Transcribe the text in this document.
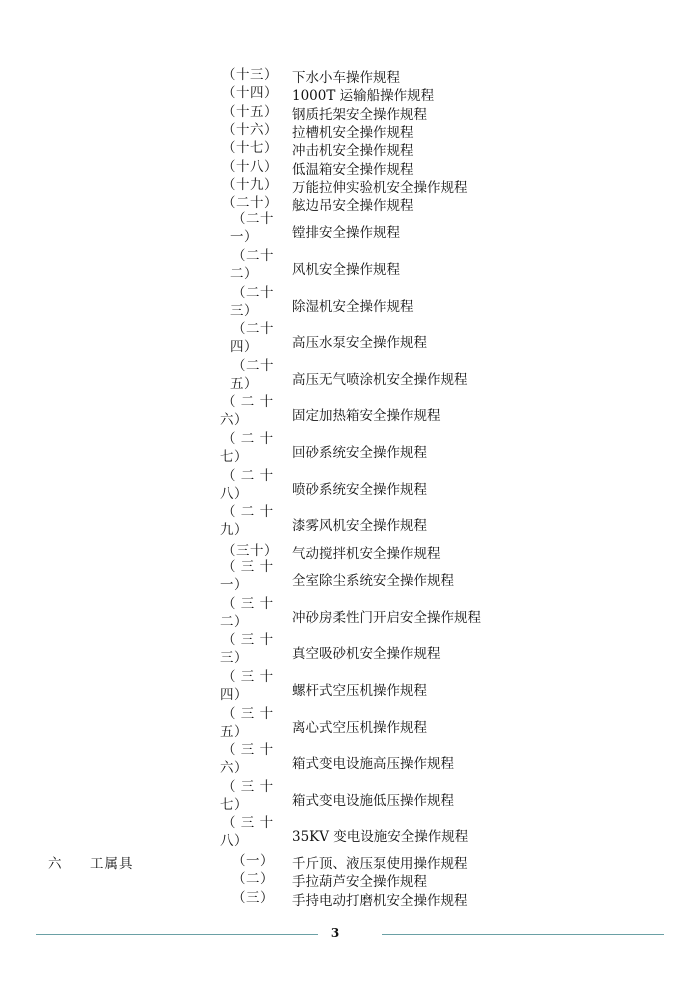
（十三）	下水小车操作规程
（十四）	1000T 运输船操作规程
（十五）	钢质托架安全操作规程
（十六）	拉槽机安全操作规程
（十七）	冲击机安全操作规程
（十八）	低温箱安全操作规程
（十九）	万能拉伸实验机安全操作规程
（二十）	舷边吊安全操作规程
（二十
一）	镗排安全操作规程
（二十
二）	风机安全操作规程
（二十
三）	除湿机安全操作规程
（二十
四）	高压水泵安全操作规程
（二十
五）	高压无气喷涂机安全操作规程
（ 二 十
六）	固定加热箱安全操作规程
（ 二 十
七）	回砂系统安全操作规程
（ 二 十
八）	喷砂系统安全操作规程
（ 二 十
九）	漆雾风机安全操作规程
（三十）	气动搅拌机安全操作规程
（ 三 十
一）	全室除尘系统安全操作规程
（ 三 十
二）	冲砂房柔性门开启安全操作规程
（ 三 十
三）	真空吸砂机安全操作规程
（ 三 十
四）	螺杆式空压机操作规程
（ 三 十
五）	离心式空压机操作规程
（ 三 十
六）	箱式变电设施高压操作规程
（ 三 十
七）	箱式变电设施低压操作规程
（ 三 十
八）	35KV 变电设施安全操作规程
六 工属具	（一）	千斤顶、液压泵使用操作规程
（二）	手拉葫芦安全操作规程
（三）	手持电动打磨机安全操作规程
3
